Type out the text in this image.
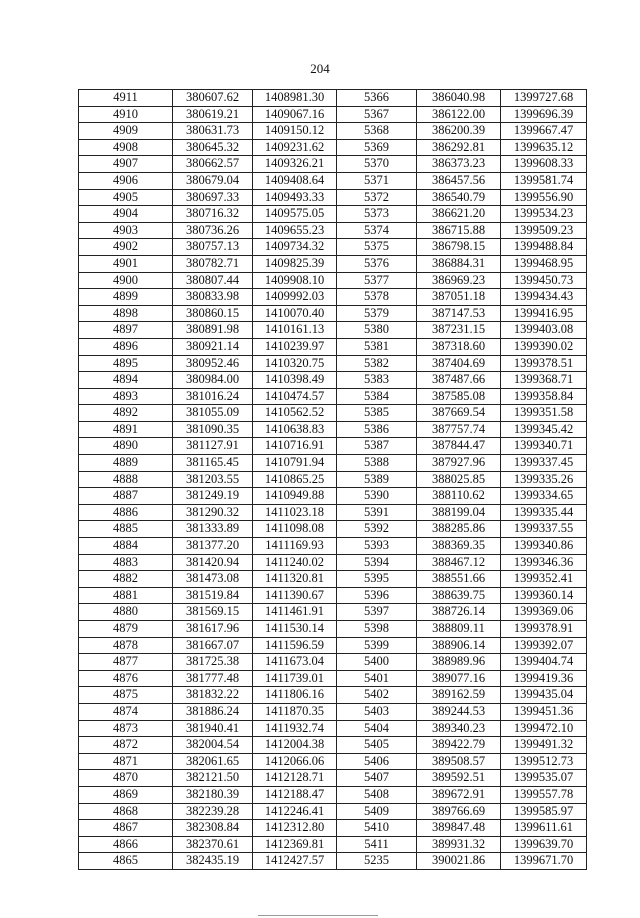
204
4911	380607.62	1408981.30	5366	386040.98	1399727.68
4910	380619.21	1409067.16	5367	386122.00	1399696.39
4909	380631.73	1409150.12	5368	386200.39	1399667.47
4908	380645.32	1409231.62	5369	386292.81	1399635.12
4907	380662.57	1409326.21	5370	386373.23	1399608.33
4906	380679.04	1409408.64	5371	386457.56	1399581.74
4905	380697.33	1409493.33	5372	386540.79	1399556.90
4904	380716.32	1409575.05	5373	386621.20	1399534.23
4903	380736.26	1409655.23	5374	386715.88	1399509.23
4902	380757.13	1409734.32	5375	386798.15	1399488.84
4901	380782.71	1409825.39	5376	386884.31	1399468.95
4900	380807.44	1409908.10	5377	386969.23	1399450.73
4899	380833.98	1409992.03	5378	387051.18	1399434.43
4898	380860.15	1410070.40	5379	387147.53	1399416.95
4897	380891.98	1410161.13	5380	387231.15	1399403.08
4896	380921.14	1410239.97	5381	387318.60	1399390.02
4895	380952.46	1410320.75	5382	387404.69	1399378.51
4894	380984.00	1410398.49	5383	387487.66	1399368.71
4893	381016.24	1410474.57	5384	387585.08	1399358.84
4892	381055.09	1410562.52	5385	387669.54	1399351.58
4891	381090.35	1410638.83	5386	387757.74	1399345.42
4890	381127.91	1410716.91	5387	387844.47	1399340.71
4889	381165.45	1410791.94	5388	387927.96	1399337.45
4888	381203.55	1410865.25	5389	388025.85	1399335.26
4887	381249.19	1410949.88	5390	388110.62	1399334.65
4886	381290.32	1411023.18	5391	388199.04	1399335.44
4885	381333.89	1411098.08	5392	388285.86	1399337.55
4884	381377.20	1411169.93	5393	388369.35	1399340.86
4883	381420.94	1411240.02	5394	388467.12	1399346.36
4882	381473.08	1411320.81	5395	388551.66	1399352.41
4881	381519.84	1411390.67	5396	388639.75	1399360.14
4880	381569.15	1411461.91	5397	388726.14	1399369.06
4879	381617.96	1411530.14	5398	388809.11	1399378.91
4878	381667.07	1411596.59	5399	388906.14	1399392.07
4877	381725.38	1411673.04	5400	388989.96	1399404.74
4876	381777.48	1411739.01	5401	389077.16	1399419.36
4875	381832.22	1411806.16	5402	389162.59	1399435.04
4874	381886.24	1411870.35	5403	389244.53	1399451.36
4873	381940.41	1411932.74	5404	389340.23	1399472.10
4872	382004.54	1412004.38	5405	389422.79	1399491.32
4871	382061.65	1412066.06	5406	389508.57	1399512.73
4870	382121.50	1412128.71	5407	389592.51	1399535.07
4869	382180.39	1412188.47	5408	389672.91	1399557.78
4868	382239.28	1412246.41	5409	389766.69	1399585.97
4867	382308.84	1412312.80	5410	389847.48	1399611.61
4866	382370.61	1412369.81	5411	389931.32	1399639.70
4865	382435.19	1412427.57	5235	390021.86	1399671.70
